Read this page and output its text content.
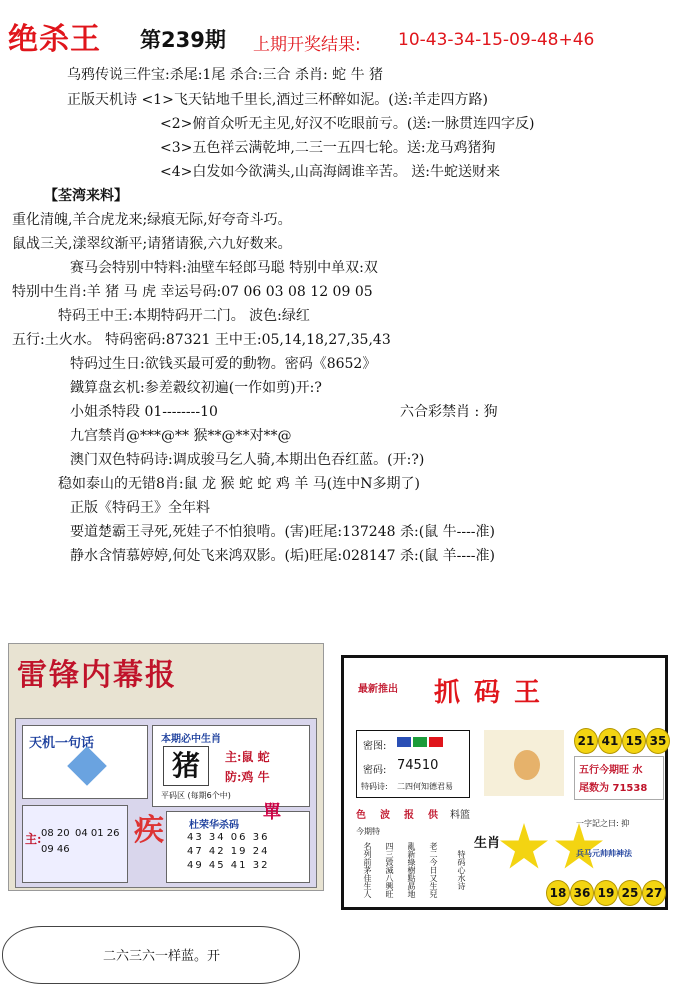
绝杀王 第239期 上期开奖结果: 10-43-34-15-09-48+46
乌鸦传说三件宝:杀尾:1尾 杀合:三合 杀肖: 蛇 牛 猪
正版天机诗 <1>飞天钻地千里长,酒过三杯醉如泥。(送:羊走四方路)
<2>俯首众听无主见,好汉不吃眼前亏。(送:一脉贯连四字反)
<3>五色祥云满乾坤,二三一五四七轮。送:龙马鸡猪狗
<4>白发如今欲满头,山高海阔谁辛苦。 送:牛蛇送财来
【荃湾来料】
重化清魄,羊合虎龙来;绿痕无际,好夸奇斗巧。
鼠战三关,漾翠纹渐平;请猪请猴,六九好数来。
赛马会特别中特料:油壁车轻郎马聪 特别中单双:双
特别中生肖:羊 猪 马 虎 幸运号码:07 06 03 08 12 09 05
特码王中王:本期特码开二门。 波色:绿红
五行:土火水。 特码密码:87321 王中王:05,14,18,27,35,43
特码过生日:欲钱买最可爱的動物。密码《8652》
鐵算盘玄机:参差縠纹初遍(一作如剪)开:?
小姐杀特段 01--------10	六合彩禁肖 : 狗
九宫禁肖@***@** 猴**@**对**@
澳门双色特码诗:调成骏马乞人骑,本期出色吞红蓝。(开:?)
稳如泰山的无错8肖:鼠 龙 猴 蛇 蛇 鸡 羊 马(连中N多期了)
正版《特码王》全年料
要道楚霸王寻死,死娃子不怕狼啃。(害)旺尾:137248 杀:(鼠 牛----准)
静水含情慕婷婷,何处飞来鸿双影。(垢)旺尾:028147 杀:(鼠 羊----准)
雷锋内幕报
天机一句话	本期必中生肖
猪	主:鼠 蛇
防:鸡 牛
平码区 (每期6个中)
疾
主: 08 20 04 01 26
09 46
杜荣华杀码
43 34 06 36
47 42 19 24
49 45 41 32
單
二六三六一样蓝。开
最新推出 抓码王
密图:
密码: 74510
特码诗: 二四何知德君易
21 41 15 35
五行今期旺 水
尾数为 71538
色 波 报 供 料篮
今期特
生肖
名列前茅佳生人 四三毀滅八興旺 亂新綠樹點勗地 老二今日又生兒 特码心水诗
一字記之曰: 抑
兵马元帅帅神法
18 36 19 25 27
